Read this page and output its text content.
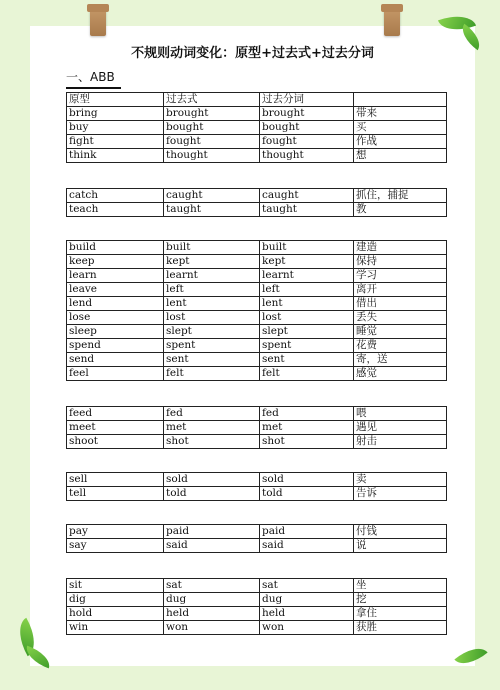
不规则动词变化：原型+过去式+过去分词
一、ABB
原型	过去式	过去分词	
bring	brought	brought	带来
buy	bought	bought	买
fight	fought	fought	作战
think	thought	thought	想
catch	caught	caught	抓住，捕捉
teach	taught	taught	教
build	built	built	建造
keep	kept	kept	保持
learn	learnt	learnt	学习
leave	left	left	离开
lend	lent	lent	借出
lose	lost	lost	丢失
sleep	slept	slept	睡觉
spend	spent	spent	花费
send	sent	sent	寄，送
feel	felt	felt	感觉
feed	fed	fed	喂
meet	met	met	遇见
shoot	shot	shot	射击
sell	sold	sold	卖
tell	told	told	告诉
pay	paid	paid	付钱
say	said	said	说
sit	sat	sat	坐
dig	dug	dug	挖
hold	held	held	拿住
win	won	won	获胜
